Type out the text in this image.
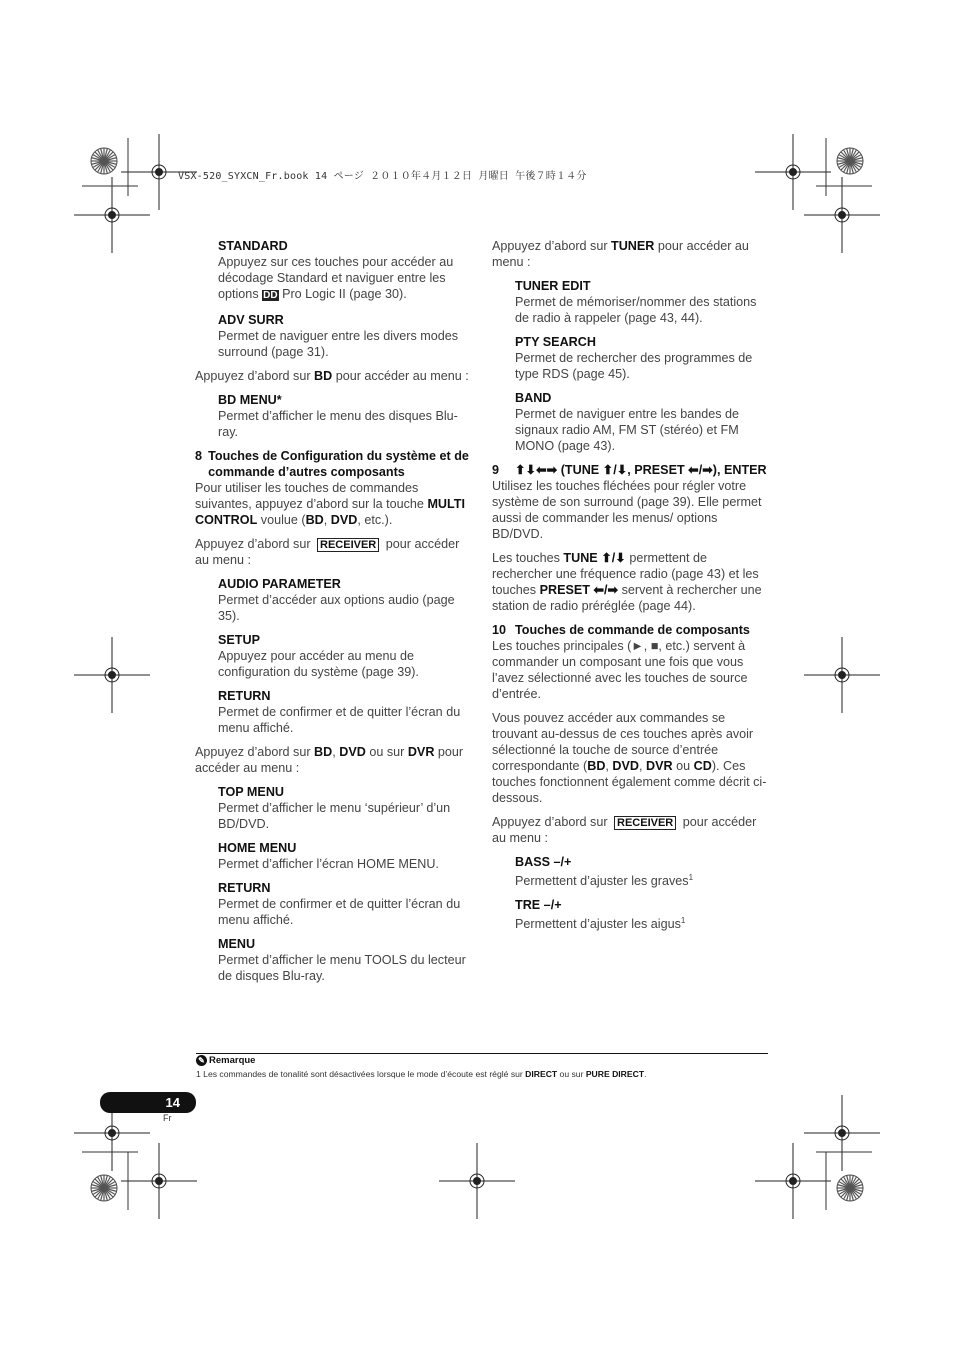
VSX-520_SYXCN_Fr.book 14 ページ ２０１０年４月１２日 月曜日 午後７時１４分
STANDARD
Appuyez sur ces touches pour accéder au décodage Standard et naviguer entre les options DD Pro Logic II (page 30).
ADV SURR
Permet de naviguer entre les divers modes surround (page 31).

Appuyez d’abord sur BD pour accéder au menu :

BD MENU*
Permet d’afficher le menu des disques Blu-ray.
8 Touches de Configuration du système et de commande d’autres composants

Pour utiliser les touches de commandes suivantes, appuyez d’abord sur la touche MULTI CONTROL voulue (BD, DVD, etc.).

Appuyez d’abord sur RECEIVER pour accéder au menu :

AUDIO PARAMETER
Permet d’accéder aux options audio (page 35).
SETUP
Appuyez pour accéder au menu de configuration du système (page 39).
RETURN
Permet de confirmer et de quitter l’écran du menu affiché.

Appuyez d’abord sur BD, DVD ou sur DVR pour accéder au menu :

TOP MENU
Permet d’afficher le menu ‘supérieur’ d’un BD/DVD.
HOME MENU
Permet d’afficher l’écran HOME MENU.
RETURN
Permet de confirmer et de quitter l’écran du menu affiché.
MENU
Permet d’afficher le menu TOOLS du lecteur de disques Blu-ray.

Appuyez d’abord sur TUNER pour accéder au menu :

TUNER EDIT
Permet de mémoriser/nommer des stations de radio à rappeler (page 43, 44).
PTY SEARCH
Permet de rechercher des programmes de type RDS (page 45).
BAND
Permet de naviguer entre les bandes de signaux radio AM, FM ST (stéréo) et FM MONO (page 43).
9	⬆⬇⬅➡ (TUNE ⬆/⬇, PRESET ⬅/➡), ENTER

Utilisez les touches fléchées pour régler votre système de son surround (page 39). Elle permet aussi de commander les menus/ options BD/DVD.

Les touches TUNE ⬆/⬇ permettent de rechercher une fréquence radio (page 43) et les touches PRESET ⬅/➡ servent à rechercher une station de radio préréglée (page 44).

10 Touches de commande de composants

Les touches principales (►, ■, etc.) servent à commander un composant une fois que vous l’avez sélectionné avec les touches de source d’entrée.

Vous pouvez accéder aux commandes se trouvant au-dessus de ces touches après avoir sélectionné la touche de source d’entrée correspondante (BD, DVD, DVR ou CD). Ces touches fonctionnent également comme décrit ci-dessous.

Appuyez d’abord sur RECEIVER pour accéder au menu :

BASS –/+
Permettent d’ajuster les graves$^1$
TRE –/+
Permettent d’ajuster les aigus$^1$
✎ Remarque
1 Les commandes de tonalité sont désactivées lorsque le mode d’écoute est réglé sur DIRECT ou sur PURE DIRECT.
14
Fr
